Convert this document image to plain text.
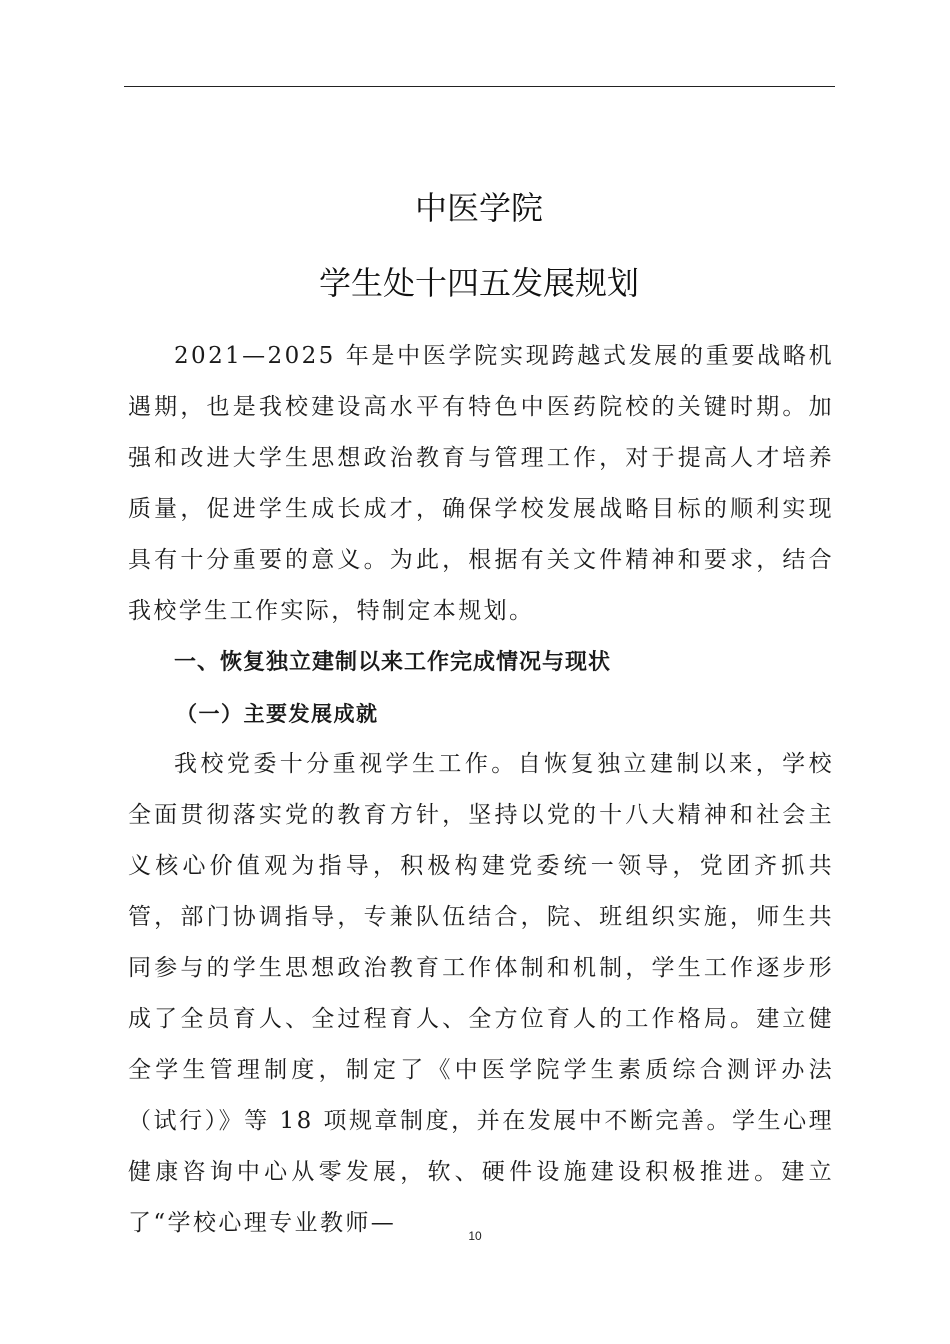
中医学院
学生处十四五发展规划

2021—2025 年是中医学院实现跨越式发展的重要战略机遇期，也是我校建设高水平有特色中医药院校的关键时期。加强和改进大学生思想政治教育与管理工作，对于提高人才培养质量，促进学生成长成才，确保学校发展战略目标的顺利实现具有十分重要的意义。为此，根据有关文件精神和要求，结合我校学生工作实际，特制定本规划。

一、恢复独立建制以来工作完成情况与现状

（一）主要发展成就

我校党委十分重视学生工作。自恢复独立建制以来，学校全面贯彻落实党的教育方针，坚持以党的十八大精神和社会主义核心价值观为指导，积极构建党委统一领导，党团齐抓共管，部门协调指导，专兼队伍结合，院、班组织实施，师生共同参与的学生思想政治教育工作体制和机制，学生工作逐步形成了全员育人、全过程育人、全方位育人的工作格局。建立健全学生管理制度，制定了《中医学院学生素质综合测评办法（试行）》等 18 项规章制度，并在发展中不断完善。学生心理健康咨询中心从零发展，软、硬件设施建设积极推进。建立了“学校心理专业教师—	10
